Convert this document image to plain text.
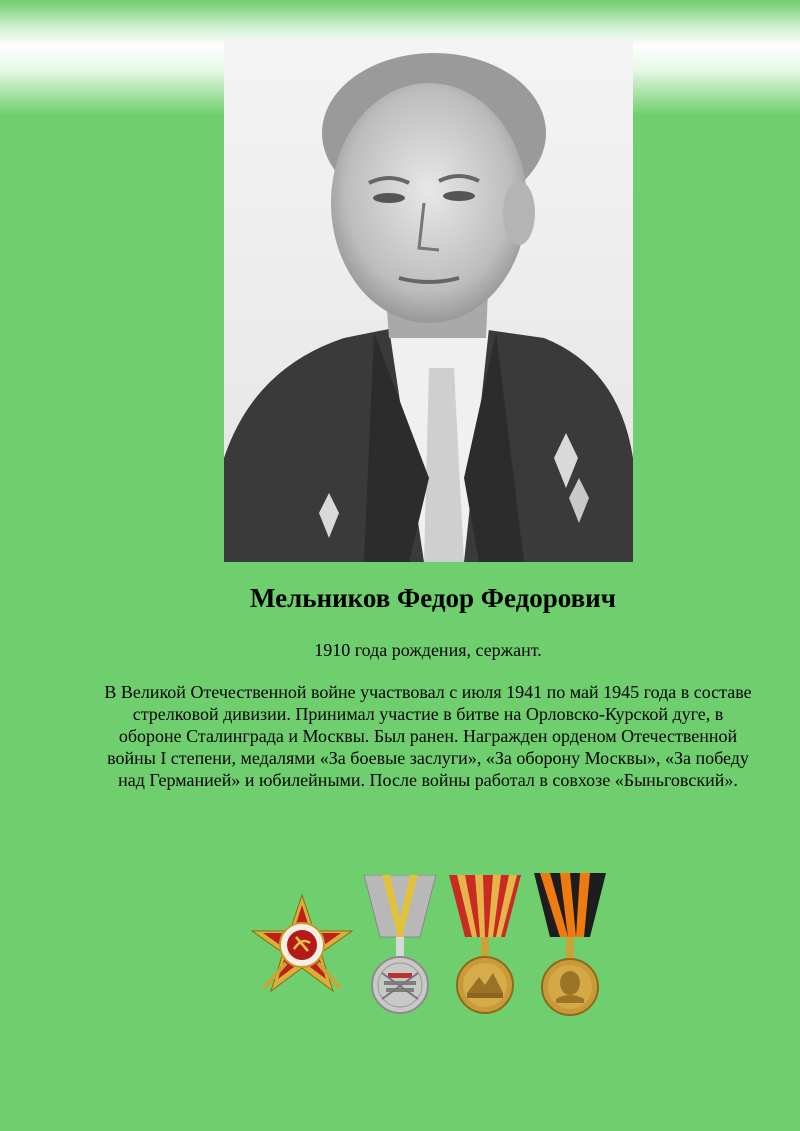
Мельников Федор Федорович
1910 года рождения, сержант.
В Великой Отечественной войне участвовал с июля 1941 по май 1945 года в составе стрелковой дивизии. Принимал участие в битве на Орловско-Курской дуге, в обороне Сталинграда и Москвы. Был ранен. Награжден орденом Отечественной войны I степени, медалями «За боевые заслуги», «За оборону Москвы», «За победу над Германией» и юбилейными. После войны работал в совхозе «Быньговский».
